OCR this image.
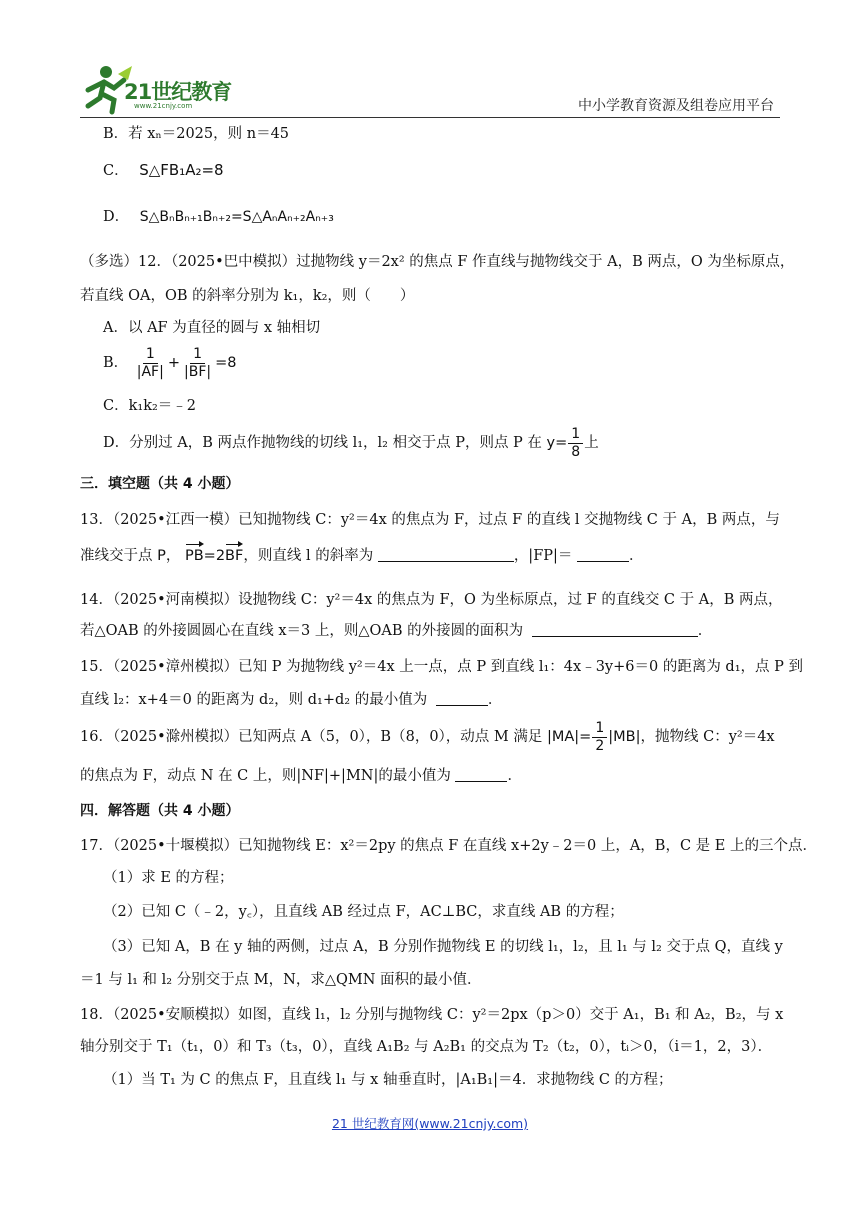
21世纪教育
www.21cnjy.com	中小学教育资源及组卷应用平台
B．若 xₙ＝2025，则 n＝45
C． S△FB₁A₂=8
D． S△BₙBₙ₊₁Bₙ₊₂=S△AₙAₙ₊₂Aₙ₊₃
（多选）12．（2025•巴中模拟）过抛物线 y＝2x² 的焦点 F 作直线与抛物线交于 A，B 两点，O 为坐标原点，
若直线 OA，OB 的斜率分别为 k₁，k₂，则（　　）
A．以 AF 为直径的圆与 x 轴相切
B． $\frac{1}{|AF|} + \frac{1}{|BF|} =8$
C．k₁k₂＝﹣2
D．分别过 A，B 两点作抛物线的切线 l₁，l₂ 相交于点 P，则点 P 在 $y= \frac{1}{8}$ 上
三．填空题（共 4 小题）
13．（2025•江西一模）已知抛物线 C：y²＝4x 的焦点为 F，过点 F 的直线 l 交抛物线 C 于 A，B 两点，与
准线交于点 P， PB=2BF，则直线 l 的斜率为	，|FP|＝	．
14．（2025•河南模拟）设抛物线 C：y²＝4x 的焦点为 F，O 为坐标原点，过 F 的直线交 C 于 A，B 两点，
若△OAB 的外接圆圆心在直线 x＝3 上，则△OAB 的外接圆的面积为	．
15．（2025•漳州模拟）已知 P 为抛物线 y²＝4x 上一点，点 P 到直线 l₁：4x﹣3y+6＝0 的距离为 d₁，点 P 到
直线 l₂：x+4＝0 的距离为 d₂，则 d₁+d₂ 的最小值为	．
16．（2025•滁州模拟）已知两点 A（5，0），B（8，0），动点 M 满足 $|MA|= \frac{1}{2} |MB|$，抛物线 C：y²＝4x
的焦点为 F，动点 N 在 C 上，则|NF|+|MN|的最小值为	．
四．解答题（共 4 小题）
17．（2025•十堰模拟）已知抛物线 E：x²＝2py 的焦点 F 在直线 x+2y﹣2＝0 上，A，B，C 是 E 上的三个点．
（1）求 E 的方程；
（2）已知 C（﹣2，y꜀），且直线 AB 经过点 F，AC⊥BC，求直线 AB 的方程；
（3）已知 A，B 在 y 轴的两侧，过点 A，B 分别作抛物线 E 的切线 l₁，l₂，且 l₁ 与 l₂ 交于点 Q，直线 y
＝1 与 l₁ 和 l₂ 分别交于点 M，N，求△QMN 面积的最小值．
18．（2025•安顺模拟）如图，直线 l₁，l₂ 分别与抛物线 C：y²＝2px（p＞0）交于 A₁，B₁ 和 A₂，B₂，与 x
轴分别交于 T₁（t₁，0）和 T₃（t₃，0），直线 A₁B₂ 与 A₂B₁ 的交点为 T₂（t₂，0），tᵢ＞0，（i＝1，2，3）．
（1）当 T₁ 为 C 的焦点 F，且直线 l₁ 与 x 轴垂直时，|A₁B₁|＝4．求抛物线 C 的方程；
21 世纪教育网(www.21cnjy.com)
